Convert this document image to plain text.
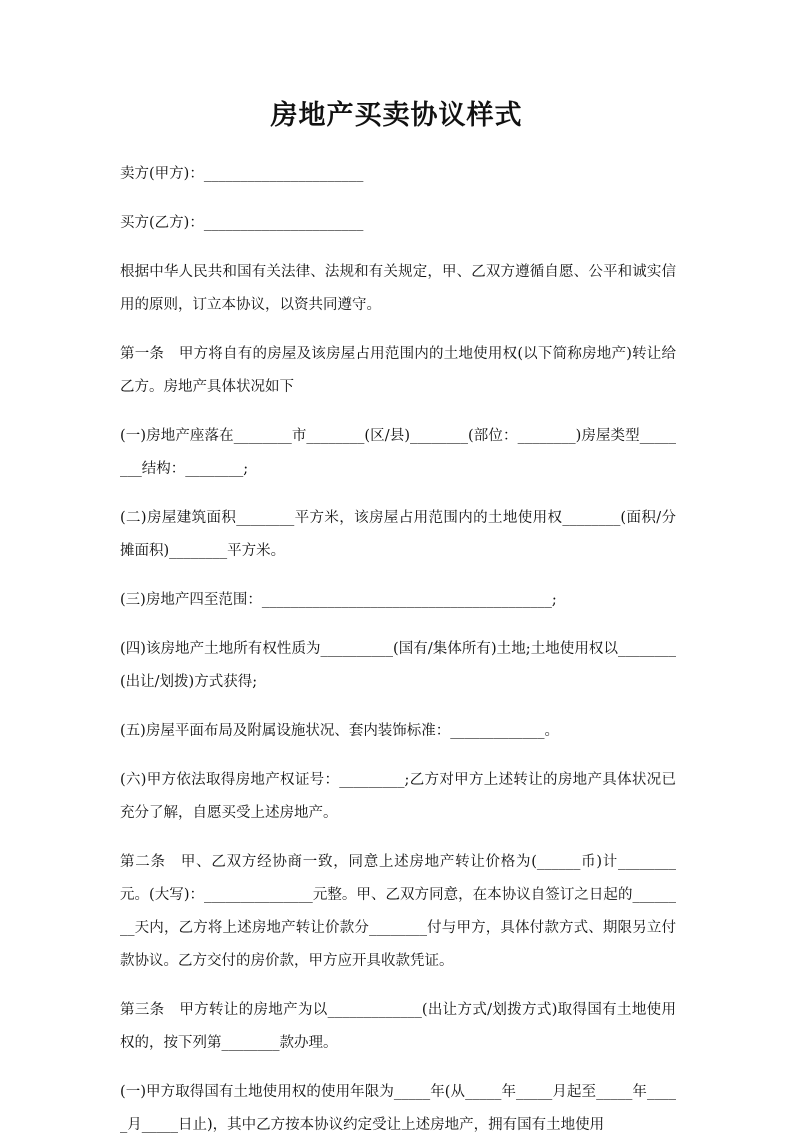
房地产买卖协议样式

卖方(甲方)：______________________

买方(乙方)：______________________

根据中华人民共和国有关法律、法规和有关规定，甲、乙双方遵循自愿、公平和诚实信用的原则，订立本协议，以资共同遵守。

第一条　甲方将自有的房屋及该房屋占用范围内的土地使用权(以下简称房地产)转让给乙方。房地产具体状况如下

(一)房地产座落在________市________(区/县)________(部位：________)房屋类型________结构：________;

(二)房屋建筑面积________平方米，该房屋占用范围内的土地使用权________(面积/分摊面积)________平方米。

(三)房地产四至范围：________________________________________;

(四)该房地产土地所有权性质为__________(国有/集体所有)土地;土地使用权以________(出让/划拨)方式获得;

(五)房屋平面布局及附属设施状况、套内装饰标准：_____________。

(六)甲方依法取得房地产权证号：_________;乙方对甲方上述转让的房地产具体状况已充分了解，自愿买受上述房地产。

第二条　甲、乙双方经协商一致，同意上述房地产转让价格为(______币)计________元。(大写)：_______________元整。甲、乙双方同意，在本协议自签订之日起的________天内，乙方将上述房地产转让价款分________付与甲方，具体付款方式、期限另立付款协议。乙方交付的房价款，甲方应开具收款凭证。

第三条　甲方转让的房地产为以_____________(出让方式/划拨方式)取得国有土地使用权的，按下列第________款办理。

(一)甲方取得国有土地使用权的使用年限为_____年(从_____年_____月起至_____年_____月_____日止)，其中乙方按本协议约定受让上述房地产，拥有国有土地使用
